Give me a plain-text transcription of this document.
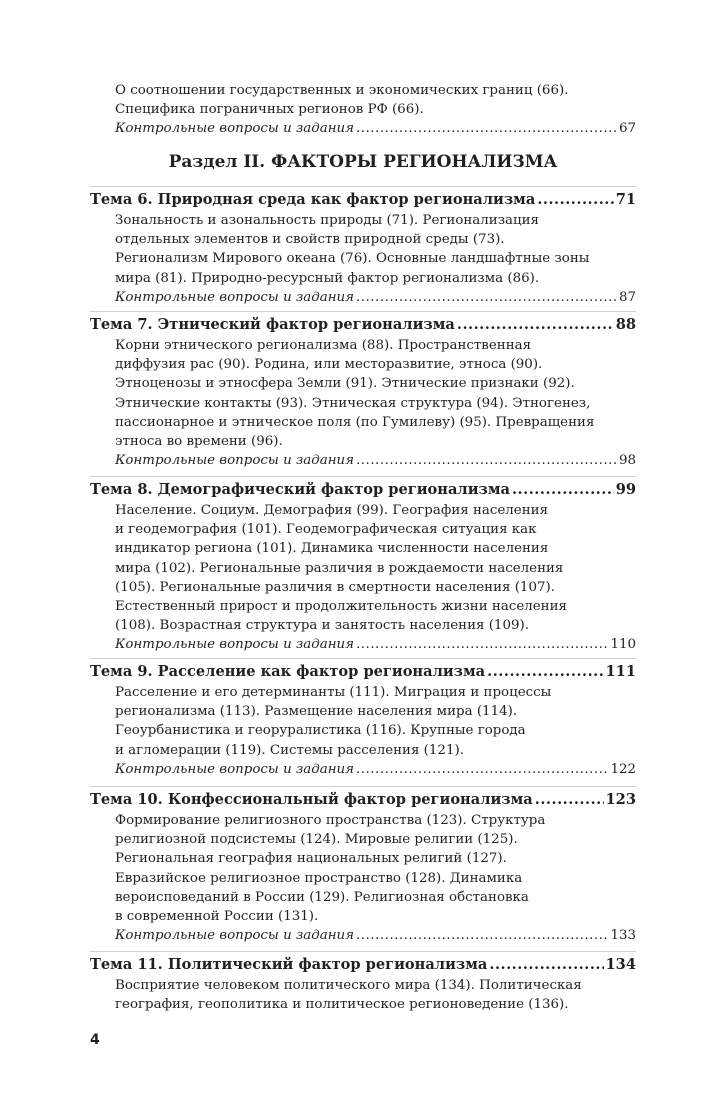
О соотношении государственных и экономических границ (66).
Специфика пограничных регионов РФ (66).
Контрольные вопросы и задания .....	67
Раздел II. ФАКТОРЫ РЕГИОНАЛИЗМА
Тема 6. Природная среда как фактор регионализма .....	71
Зональность и азональность природы (71). Регионализация
отдельных элементов и свойств природной среды (73).
Регионализм Мирового океана (76). Основные ландшафтные зоны
мира (81). Природно-ресурсный фактор регионализма (86).
Контрольные вопросы и задания .....	87
Тема 7. Этнический фактор регионализма .....	88
Корни этнического регионализма (88). Пространственная
диффузия рас (90). Родина, или месторазвитие, этноса (90).
Этноценозы и этносфера Земли (91). Этнические признаки (92).
Этнические контакты (93). Этническая структура (94). Этногенез,
пассионарное и этническое поля (по Гумилеву) (95). Превращения
этноса во времени (96).
Контрольные вопросы и задания .....	98
Тема 8. Демографический фактор регионализма .....	99
Население. Социум. Демография (99). География населения
и геодемография (101). Геодемографическая ситуация как
индикатор региона (101). Динамика численности населения
мира (102). Региональные различия в рождаемости населения
(105). Региональные различия в смертности населения (107).
Естественный прирост и продолжительность жизни населения
(108). Возрастная структура и занятость населения (109).
Контрольные вопросы и задания .....	110
Тема 9. Расселение как фактор регионализма .....	111
Расселение и его детерминанты (111). Миграция и процессы
регионализма (113). Размещение населения мира (114).
Геоурбанистика и георуралистика (116). Крупные города
и агломерации (119). Системы расселения (121).
Контрольные вопросы и задания .....	122
Тема 10. Конфессиональный фактор регионализма .....	123
Формирование религиозного пространства (123). Структура
религиозной подсистемы (124). Мировые религии (125).
Региональная география национальных религий (127).
Евразийское религиозное пространство (128). Динамика
вероисповеданий в России (129). Религиозная обстановка
в современной России (131).
Контрольные вопросы и задания .....	133
Тема 11. Политический фактор регионализма .....	134
Восприятие человеком политического мира (134). Политическая
география, геополитика и политическое регионоведение (136).
4
